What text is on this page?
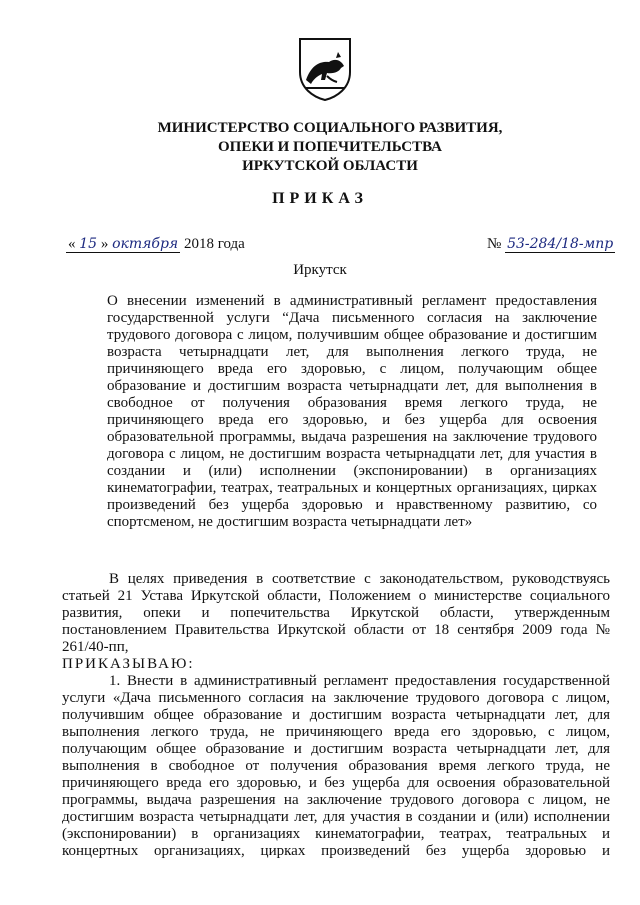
МИНИСТЕРСТВО СОЦИАЛЬНОГО РАЗВИТИЯ,
ОПЕКИ И ПОПЕЧИТЕЛЬСТВА
ИРКУТСКОЙ ОБЛАСТИ
ПРИКАЗ
« 15 » октября 2018 года	№ 53-284/18-мпр
Иркутск
О внесении изменений в административный регламент предоставления государственной услуги “Дача письменного согласия на заключение трудового договора с лицом, получившим общее образование и достигшим возраста четырнадцати лет, для выполнения легкого труда, не причиняющего вреда его здоровью, с лицом, получающим общее образование и достигшим возраста четырнадцати лет, для выполнения в свободное от получения образования время легкого труда, не причиняющего вреда его здоровью, и без ущерба для освоения образовательной программы, выдача разрешения на заключение трудового договора с лицом, не достигшим возраста четырнадцати лет, для участия в создании и (или) исполнении (экспонировании) в организациях кинематографии, театрах, театральных и концертных организациях, цирках произведений без ущерба здоровью и нравственному развитию, со спортсменом, не достигшим возраста четырнадцати лет»

В целях приведения в соответствие с законодательством, руководствуясь статьей 21 Устава Иркутской области, Положением о министерстве социального развития, опеки и попечительства Иркутской области, утвержденным постановлением Правительства Иркутской области от 18 сентября 2009 года № 261/40-пп,

ПРИКАЗЫВАЮ:

1. Внести в административный регламент предоставления государственной услуги «Дача письменного согласия на заключение трудового договора с лицом, получившим общее образование и достигшим возраста четырнадцати лет, для выполнения легкого труда, не причиняющего вреда его здоровью, с лицом, получающим общее образование и достигшим возраста четырнадцати лет, для выполнения в свободное от получения образования время легкого труда, не причиняющего вреда его здоровью, и без ущерба для освоения образовательной программы, выдача разрешения на заключение трудового договора с лицом, не достигшим возраста четырнадцати лет, для участия в создании и (или) исполнении (экспонировании) в организациях кинематографии, театрах, театральных и концертных организациях, цирках произведений без ущерба здоровью и
